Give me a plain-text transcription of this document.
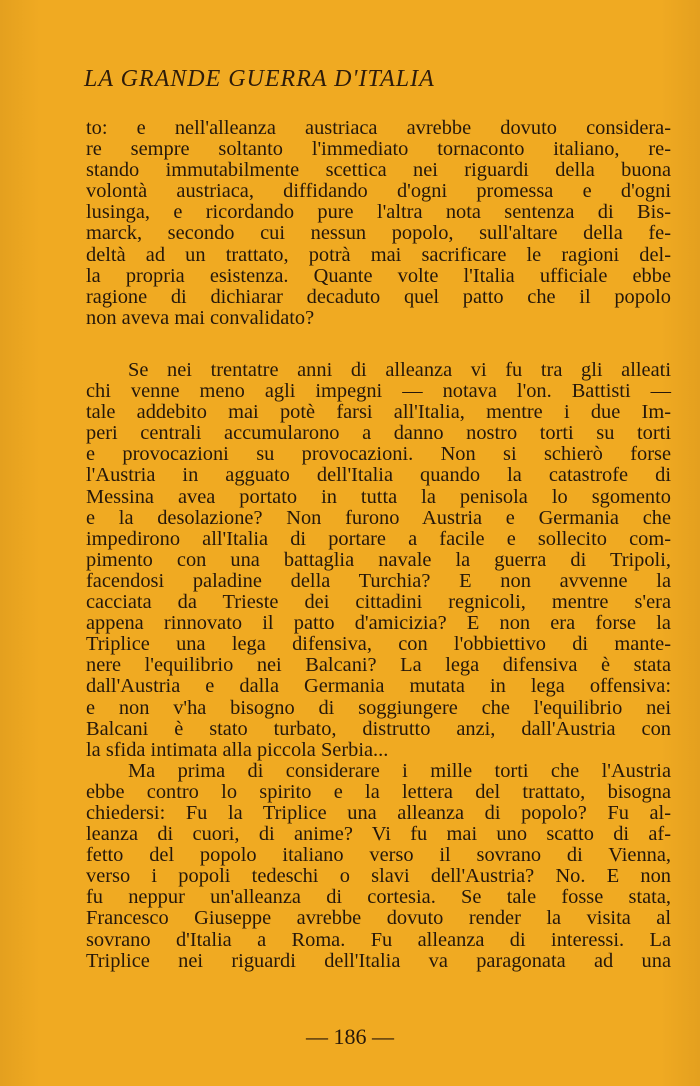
LA GRANDE GUERRA D'ITALIA
to: e nell'alleanza austriaca avrebbe dovuto considera-
re sempre soltanto l'immediato tornaconto italiano, re-
stando immutabilmente scettica nei riguardi della buona
volontà austriaca, diffidando d'ogni promessa e d'ogni
lusinga, e ricordando pure l'altra nota sentenza di Bis-
marck, secondo cui nessun popolo, sull'altare della fe-
deltà ad un trattato, potrà mai sacrificare le ragioni del-
la propria esistenza. Quante volte l'Italia ufficiale ebbe
ragione di dichiarar decaduto quel patto che il popolo
non aveva mai convalidato?
Se nei trentatre anni di alleanza vi fu tra gli alleati
chi venne meno agli impegni — notava l'on. Battisti —
tale addebito mai potè farsi all'Italia, mentre i due Im-
peri centrali accumularono a danno nostro torti su torti
e provocazioni su provocazioni. Non si schierò forse
l'Austria in agguato dell'Italia quando la catastrofe di
Messina avea portato in tutta la penisola lo sgomento
e la desolazione? Non furono Austria e Germania che
impedirono all'Italia di portare a facile e sollecito com-
pimento con una battaglia navale la guerra di Tripoli,
facendosi paladine della Turchia? E non avvenne la
cacciata da Trieste dei cittadini regnicoli, mentre s'era
appena rinnovato il patto d'amicizia? E non era forse la
Triplice una lega difensiva, con l'obbiettivo di mante-
nere l'equilibrio nei Balcani? La lega difensiva è stata
dall'Austria e dalla Germania mutata in lega offensiva:
e non v'ha bisogno di soggiungere che l'equilibrio nei
Balcani è stato turbato, distrutto anzi, dall'Austria con
la sfida intimata alla piccola Serbia...
Ma prima di considerare i mille torti che l'Austria
ebbe contro lo spirito e la lettera del trattato, bisogna
chiedersi: Fu la Triplice una alleanza di popolo? Fu al-
leanza di cuori, di anime? Vi fu mai uno scatto di af-
fetto del popolo italiano verso il sovrano di Vienna,
verso i popoli tedeschi o slavi dell'Austria? No. E non
fu neppur un'alleanza di cortesia. Se tale fosse stata,
Francesco Giuseppe avrebbe dovuto render la visita al
sovrano d'Italia a Roma. Fu alleanza di interessi. La
Triplice nei riguardi dell'Italia va paragonata ad una
— 186 —
